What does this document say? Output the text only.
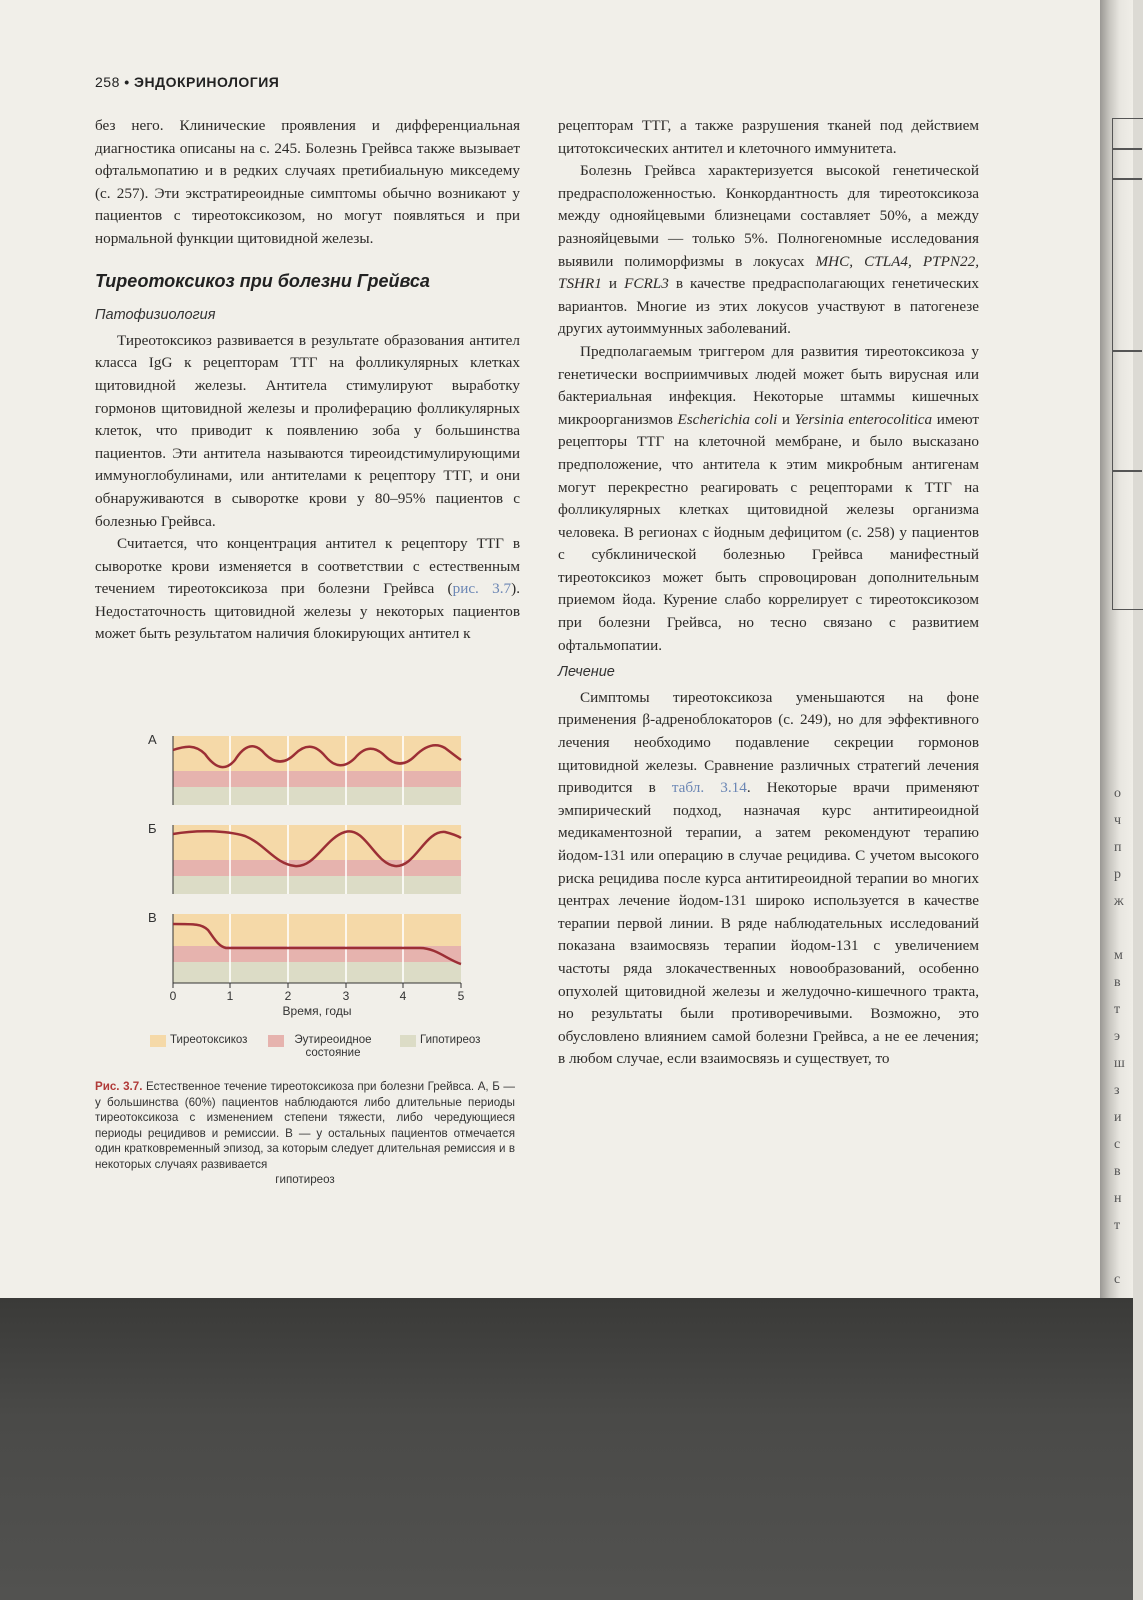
258 • ЭНДОКРИНОЛОГИЯ

без него. Клинические проявления и дифференциальная диагностика описаны на с. 245. Болезнь Грейвса также вызывает офтальмопатию и в редких случаях претибиальную микседему (с. 257). Эти экстратиреоидные симптомы обычно возникают у пациентов с тиреотоксикозом, но могут появляться и при нормальной функции щитовидной железы.

Тиреотоксикоз при болезни Грейвса
Патофизиология

Тиреотоксикоз развивается в результате образования антител класса IgG к рецепторам ТТГ на фолликулярных клетках щитовидной железы. Антитела стимулируют выработку гормонов щитовидной железы и пролиферацию фолликулярных клеток, что приводит к появлению зоба у большинства пациентов. Эти антитела называются тиреоидстимулирующими иммуноглобулинами, или антителами к рецептору ТТГ, и они обнаруживаются в сыворотке крови у 80–95% пациентов с болезнью Грейвса.

Считается, что концентрация антител к рецептору ТТГ в сыворотке крови изменяется в соответствии с естественным течением тиреотоксикоза при болезни Грейвса (рис. 3.7). Недостаточность щитовидной железы у некоторых пациентов может быть результатом наличия блокирующих антител к

А
Б
В
0	1	2	3	4	5
Время, годы
Тиреотоксикоз	Эутиреоидное состояние
Гипотиреоз
Рис. 3.7. Естественное течение тиреотоксикоза при болезни Грейвса. А, Б — у большинства (60%) пациентов наблюдаются либо длительные периоды тиреотоксикоза с изменением степени тяжести, либо чередующиеся периоды рецидивов и ремиссии. В — у остальных пациентов отмечается один кратковременный эпизод, за которым следует длительная ремиссия и в некоторых случаях развивается
гипотиреоз

рецепторам ТТГ, а также разрушения тканей под действием цитотоксических антител и клеточного иммунитета.

Болезнь Грейвса характеризуется высокой генетической предрасположенностью. Конкордантность для тиреотоксикоза между однояйцевыми близнецами составляет 50%, а между разнояйцевыми — только 5%. Полногеномные исследования выявили полиморфизмы в локусах MHC, CTLA4, PTPN22, TSHR1 и FCRL3 в качестве предрасполагающих генетических вариантов. Многие из этих локусов участвуют в патогенезе других аутоиммунных заболеваний.

Предполагаемым триггером для развития тиреотоксикоза у генетически восприимчивых людей может быть вирусная или бактериальная инфекция. Некоторые штаммы кишечных микроорганизмов Escherichia coli и Yersinia enterocolitica имеют рецепторы ТТГ на клеточной мембране, и было высказано предположение, что антитела к этим микробным антигенам могут перекрестно реагировать с рецепторами к ТТГ на фолликулярных клетках щитовидной железы организма человека. В регионах с йодным дефицитом (с. 258) у пациентов с субклинической болезнью Грейвса манифестный тиреотоксикоз может быть спровоцирован дополнительным приемом йода. Курение слабо коррелирует с тиреотоксикозом при болезни Грейвса, но тесно связано с развитием офтальмопатии.

Лечение

Симптомы тиреотоксикоза уменьшаются на фоне применения β-адреноблокаторов (с. 249), но для эффективного лечения необходимо подавление секреции гормонов щитовидной железы. Сравнение различных стратегий лечения приводится в табл. 3.14. Некоторые врачи применяют эмпирический подход, назначая курс антитиреоидной медикаментозной терапии, а затем рекомендуют терапию йодом-131 или операцию в случае рецидива. С учетом высокого риска рецидива после курса антитиреоидной терапии во многих центрах лечение йодом-131 широко используется в качестве терапии первой линии. В ряде наблюдательных исследований показана взаимосвязь терапии йодом-131 с увеличением частоты ряда злокачественных новообразований, особенно опухолей щитовидной железы и желудочно-кишечного тракта, но результаты были противоречивыми. Возможно, это обусловлено влиянием самой болезни Грейвса, а не ее лечения; в любом случае, если взаимосвязь и существует, то

о
ч
п
р
ж

м
в
т
э
ш
з
и
с
в
н
т

с
